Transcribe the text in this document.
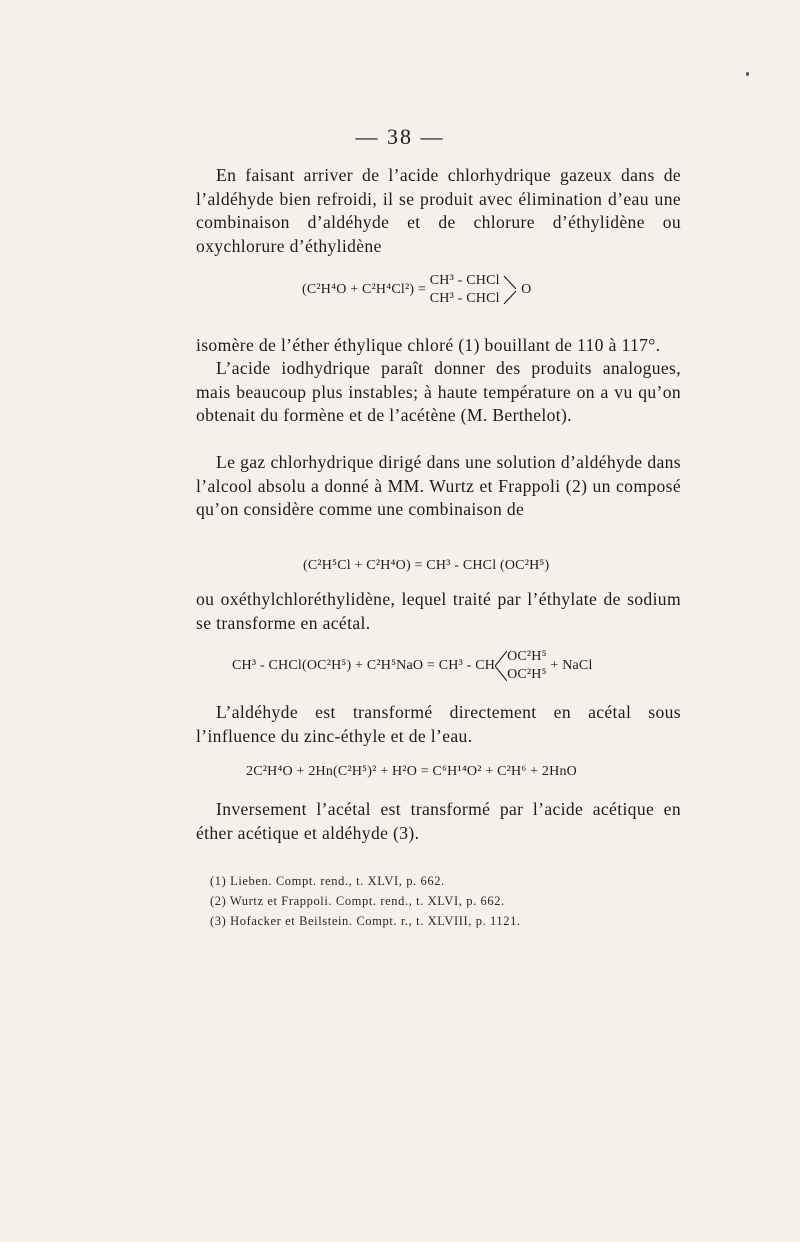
— 38 —
En faisant arriver de l’acide chlorhydrique gazeux dans de l’aldéhyde bien refroidi, il se produit avec élimination d’eau une combinaison d’aldéhyde et de chlorure d’éthylidène ou oxychlorure d’éthylidène
(C²H⁴O + C²H⁴Cl²) =
CH³ - CHCl
CH³ - CHCl
O
isomère de l’éther éthylique chloré (1) bouillant de 110 à 117°.
L’acide iodhydrique paraît donner des produits analogues, mais beaucoup plus instables; à haute température on a vu qu’on obtenait du formène et de l’acétène (M. Berthelot).
Le gaz chlorhydrique dirigé dans une solution d’aldéhyde dans l’alcool absolu a donné à MM. Wurtz et Frappoli (2) un composé qu’on considère comme une combinaison de
(C²H⁵Cl + C²H⁴O) = CH³ - CHCl (OC²H⁵)
ou oxéthylchloréthylidène, lequel traité par l’éthylate de sodium se transforme en acétal.
CH³ - CHCl(OC²H⁵) + C²H⁵NaO = CH³ - CH
OC²H⁵
OC²H⁵
+ NaCl
L’aldéhyde est transformé directement en acétal sous l’influence du zinc-éthyle et de l’eau.
2C²H⁴O + 2Hn(C²H⁵)² + H²O = C⁶H¹⁴O² + C²H⁶ + 2HnO
Inversement l’acétal est transformé par l’acide acétique en éther acétique et aldéhyde (3).
(1) Lieben. Compt. rend., t. XLVI, p. 662.
(2) Wurtz et Frappoli. Compt. rend., t. XLVI, p. 662.
(3) Hofacker et Beilstein. Compt. r., t. XLVIII, p. 1121.
